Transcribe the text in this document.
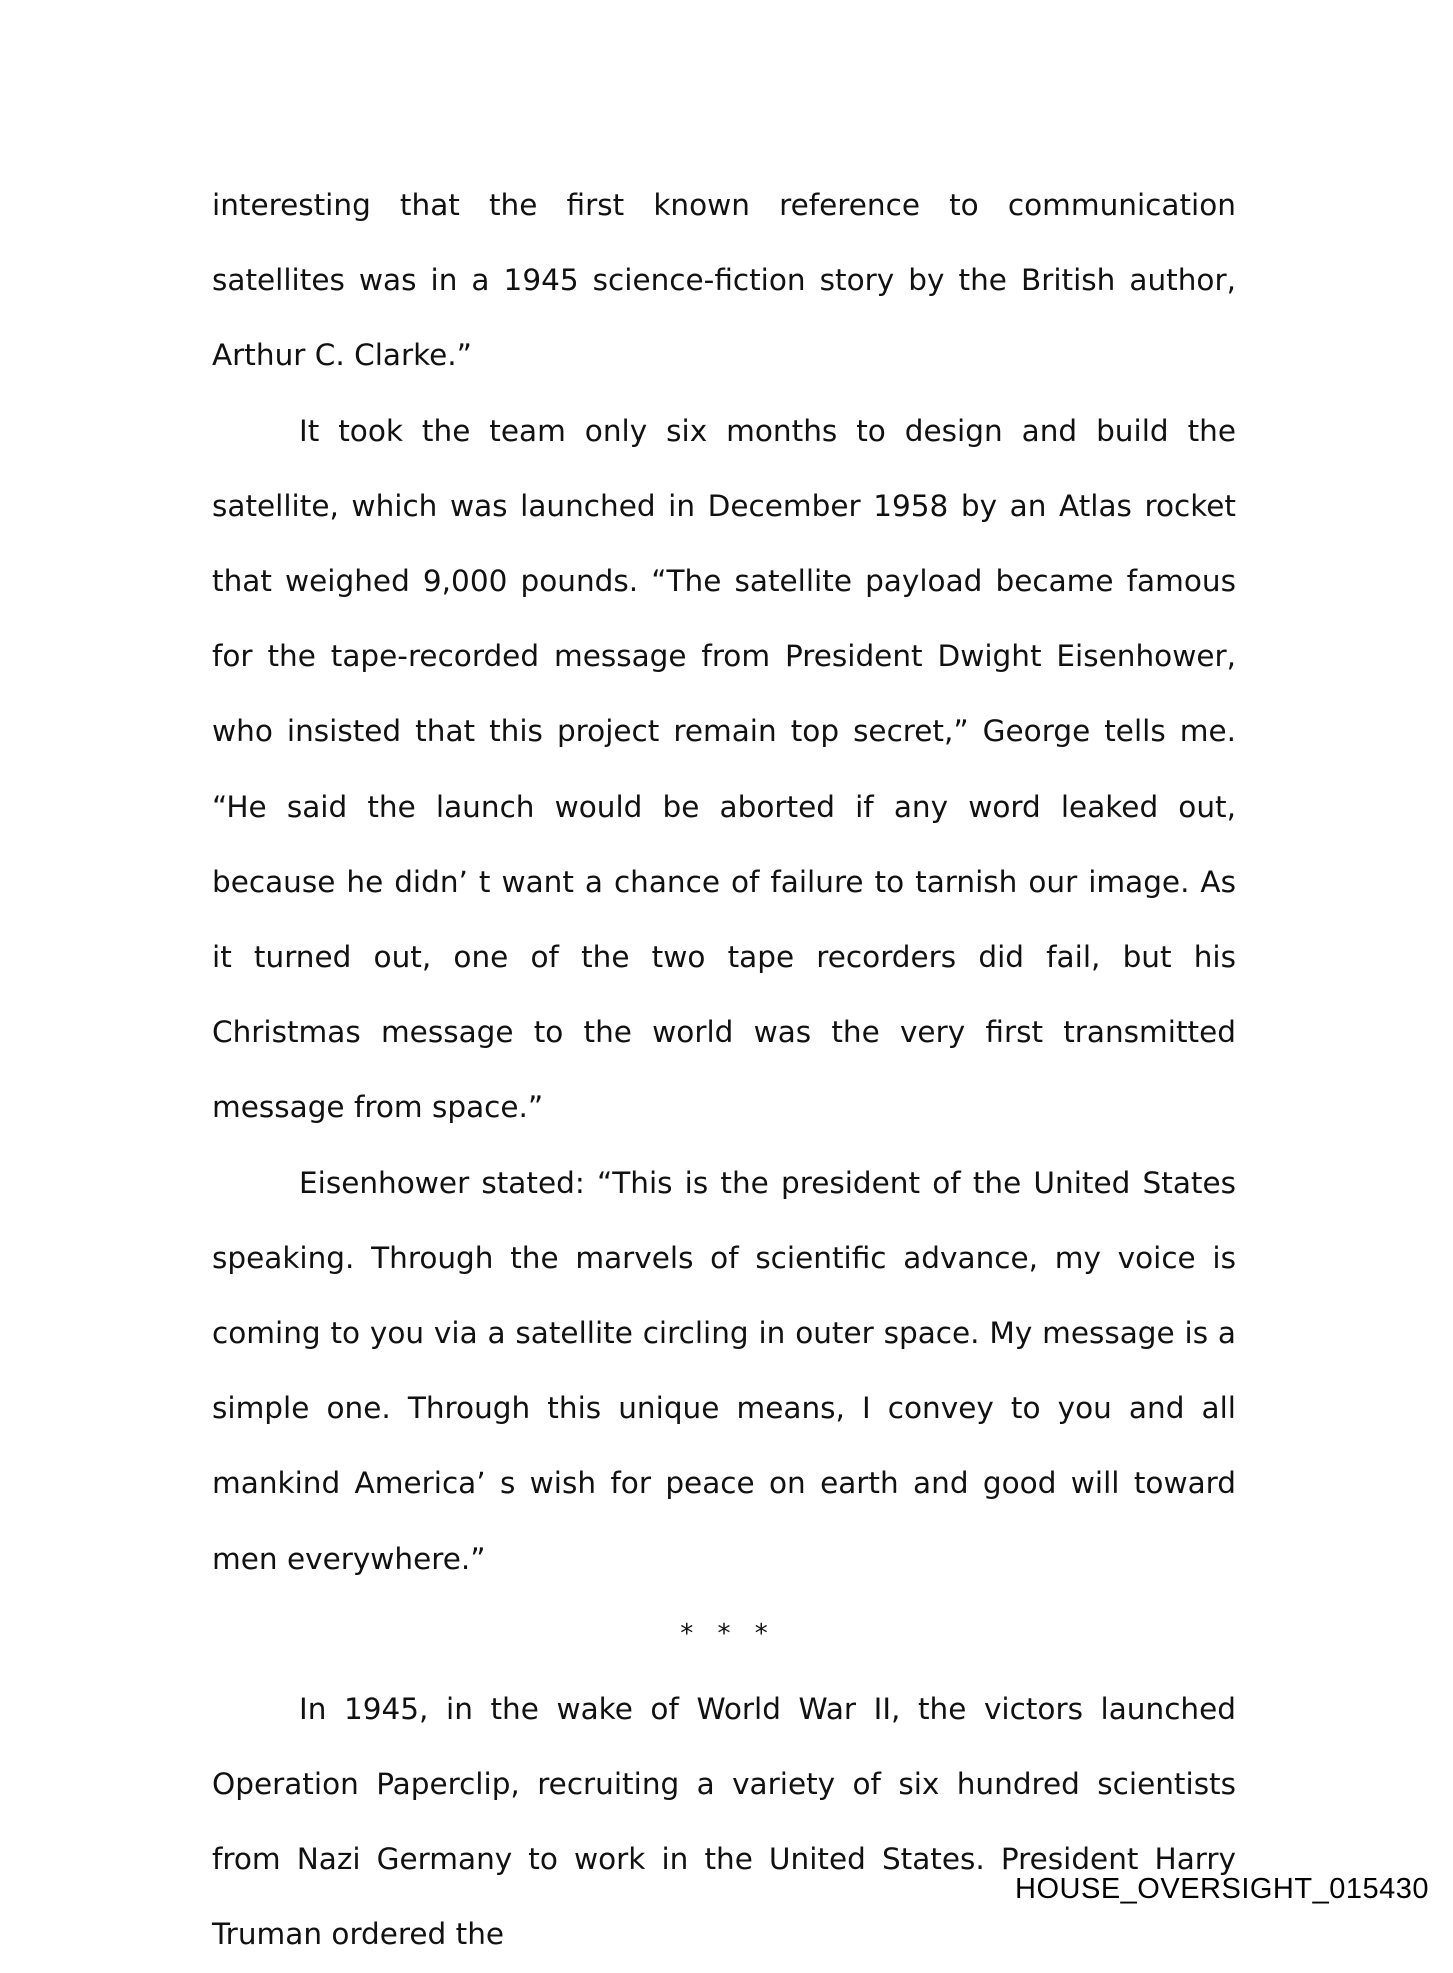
interesting that the first known reference to communication satellites was in a 1945 science-fiction story by the British author, Arthur C. Clarke.”

It took the team only six months to design and build the satellite, which was launched in December 1958 by an Atlas rocket that weighed 9,000 pounds. “The satellite payload became famous for the tape-recorded message from President Dwight Eisenhower, who insisted that this project remain top secret,” George tells me. “He said the launch would be aborted if any word leaked out, because he didn’ t want a chance of failure to tarnish our image. As it turned out, one of the two tape recorders did fail, but his Christmas message to the world was the very first transmitted message from space.”

Eisenhower stated: “This is the president of the United States speaking. Through the marvels of scientific advance, my voice is coming to you via a satellite circling in outer space. My message is a simple one. Through this unique means, I convey to you and all mankind America’ s wish for peace on earth and good will toward men everywhere.”

* * *

In 1945, in the wake of World War II, the victors launched Operation Paperclip, recruiting a variety of six hundred scientists from Nazi Germany to work in the United States. President Harry Truman ordered the

HOUSE_OVERSIGHT_015430
